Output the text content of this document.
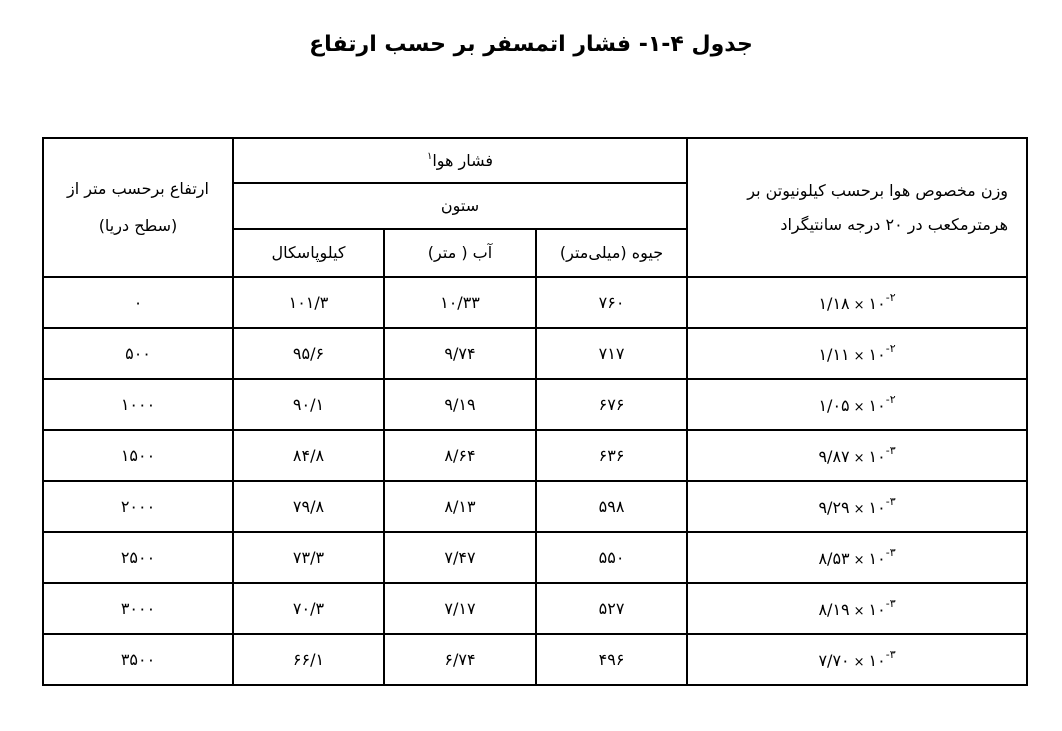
جدول ۴-۱- فشار اتمسفر بر حسب ارتفاع
ارتفاع برحسب متر از (سطح دریا)	فشار هوا$^۱$			وزن مخصوص هوا برحسب کیلونیوتن بر هرمترمکعب در ۲۰ درجه سانتیگراد
	ستون			
	کیلوپاسکال	آب ( متر)	جیوه (میلی‌متر)	
۰	۱۰۱/۳	۱۰/۳۳	۷۶۰	۱/۱۸ × $۱۰^{-۲}$
۵۰۰	۹۵/۶	۹/۷۴	۷۱۷	۱/۱۱ × $۱۰^{-۲}$
۱۰۰۰	۹۰/۱	۹/۱۹	۶۷۶	۱/۰۵ × $۱۰^{-۲}$
۱۵۰۰	۸۴/۸	۸/۶۴	۶۳۶	۹/۸۷ × $۱۰^{-۳}$
۲۰۰۰	۷۹/۸	۸/۱۳	۵۹۸	۹/۲۹ × $۱۰^{-۳}$
۲۵۰۰	۷۳/۳	۷/۴۷	۵۵۰	۸/۵۳ × $۱۰^{-۳}$
۳۰۰۰	۷۰/۳	۷/۱۷	۵۲۷	۸/۱۹ × $۱۰^{-۳}$
۳۵۰۰	۶۶/۱	۶/۷۴	۴۹۶	۷/۷۰ × $۱۰^{-۳}$
